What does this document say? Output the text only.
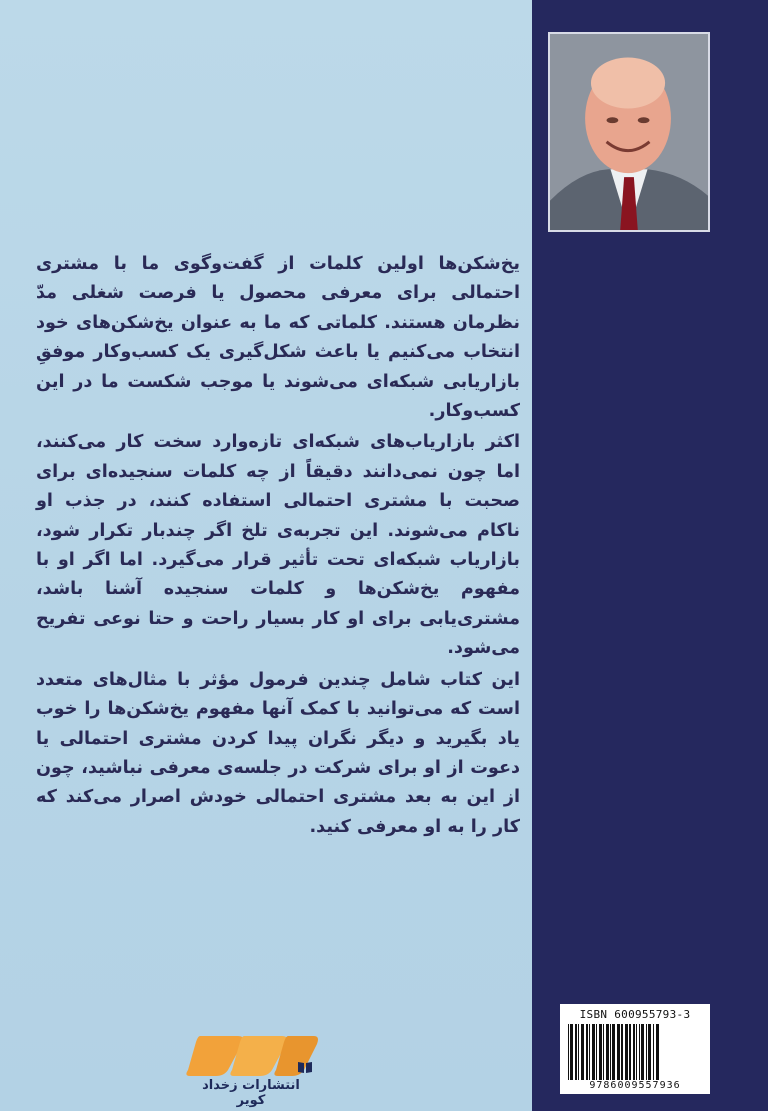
یخ‌شکن‌ها اولین کلمات از گفت‌وگوی ما با مشتری احتمالی برای معرفی محصول یا فرصت شغلی مدّ نظرمان هستند. کلماتی که ما به عنوان یخ‌شکن‌های خود انتخاب می‌کنیم یا باعث شکل‌گیری یک کسب‌وکار موفقِ بازاریابی شبکه‌ای می‌شوند یا موجب شکست ما در این کسب‌وکار.

اکثر بازاریاب‌های شبکه‌ای تازه‌وارد سخت کار می‌کنند، اما چون نمی‌دانند دقیقاً از چه کلمات سنجیده‌ای برای صحبت با مشتری احتمالی استفاده کنند، در جذب او ناکام می‌شوند. این تجربه‌ی تلخ اگر چندبار تکرار شود، بازاریاب شبکه‌ای تحت تأثیر قرار می‌گیرد. اما اگر او با مفهوم یخ‌شکن‌ها و کلمات سنجیده آشنا باشد، مشتری‌یابی برای او کار بسیار راحت و حتا نوعی تفریح می‌شود.

این کتاب شامل چندین فرمول مؤثر با مثال‌های متعدد است که می‌توانید با کمک آنها مفهوم یخ‌شکن‌ها را خوب یاد بگیرید و دیگر نگران پیدا کردن مشتری احتمالی یا دعوت از او برای شرکت در جلسه‌ی معرفی نباشید، چون از این به بعد مشتری احتمالی خودش اصرار می‌کند که کار را به او معرفی کنید.

انتشارات زخداد کویر
ISBN 600955793-3
9786009557936
